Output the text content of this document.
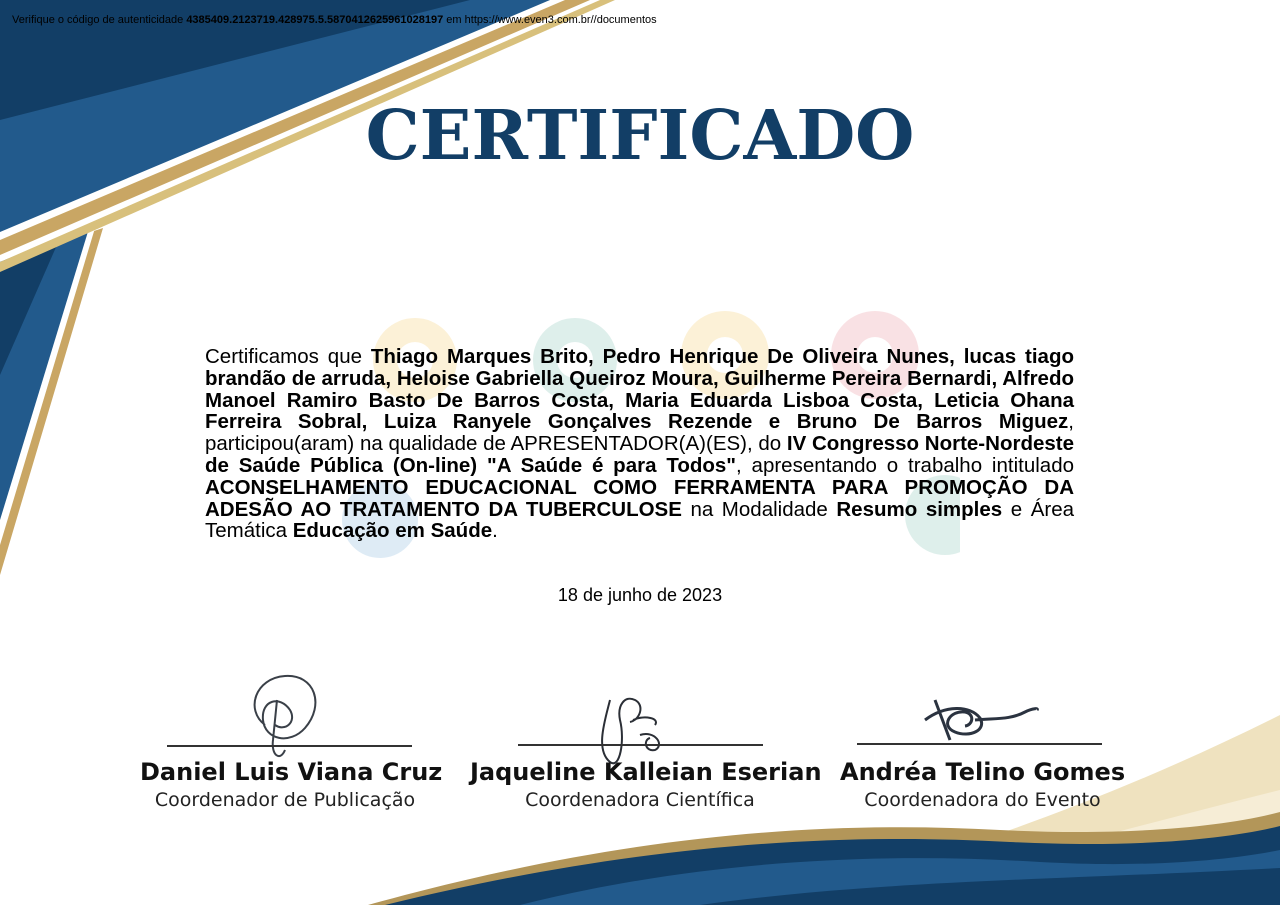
Verifique o código de autenticidade 4385409.2123719.428975.5.5870412625961028197 em https://www.even3.com.br//documentos
CERTIFICADO
Certificamos que Thiago Marques Brito, Pedro Henrique De Oliveira Nunes, lucas tiago brandão de arruda, Heloise Gabriella Queiroz Moura, Guilherme Pereira Bernardi, Alfredo Manoel Ramiro Basto De Barros Costa, Maria Eduarda Lisboa Costa, Leticia Ohana Ferreira Sobral, Luiza Ranyele Gonçalves Rezende e Bruno De Barros Miguez, participou(aram) na qualidade de APRESENTADOR(A)(ES), do IV Congresso Norte-Nordeste de Saúde Pública (On-line) "A Saúde é para Todos", apresentando o trabalho intitulado ACONSELHAMENTO EDUCACIONAL COMO FERRAMENTA PARA PROMOÇÃO DA ADESÃO AO TRATAMENTO DA TUBERCULOSE na Modalidade Resumo simples e Área Temática Educação em Saúde.
18 de junho de 2023
Daniel Luis Viana Cruz
Coordenador de Publicação
Jaqueline Kalleian Eserian
Coordenadora Científica
Andréa Telino Gomes
Coordenadora do Evento
